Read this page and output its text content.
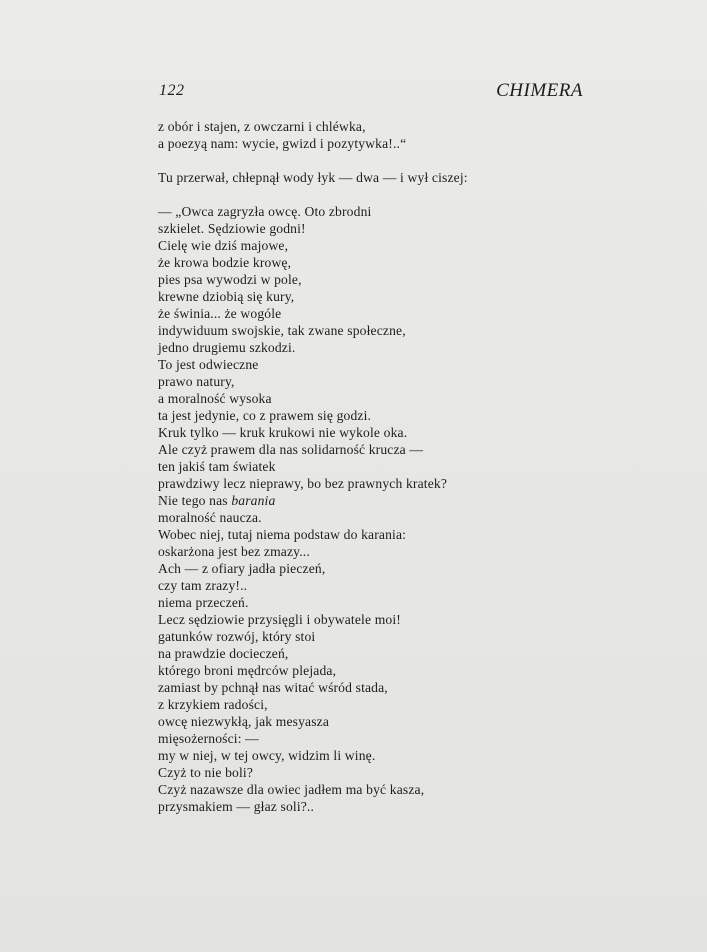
122	CHIMERA
z obór i stajen, z owczarni i chléwka,
a poezyą nam: wycie, gwizd i pozytywka!..“
Tu przerwał, chłepnął wody łyk — dwa — i wył ciszej:
— „Owca zagryzła owcę. Oto zbrodni
szkielet. Sędziowie godni!
Cielę wie dziś majowe,
że krowa bodzie krowę,
pies psa wywodzi w pole,
krewne dziobią się kury,
że świnia... że wogóle
indywiduum swojskie, tak zwane społeczne,
jedno drugiemu szkodzi.
To jest odwieczne
prawo natury,
a moralność wysoka
ta jest jedynie, co z prawem się godzi.
Kruk tylko — kruk krukowi nie wykole oka.
Ale czyż prawem dla nas solidarność krucza —
ten jakiś tam światek
prawdziwy lecz nieprawy, bo bez prawnych kratek?
Nie tego nas barania
moralność naucza.
Wobec niej, tutaj niema podstaw do karania:
oskarżona jest bez zmazy...
Ach — z ofiary jadła pieczeń,
czy tam zrazy!..
niema przeczeń.
Lecz sędziowie przysięgli i obywatele moi!
gatunków rozwój, który stoi
na prawdzie docieczeń,
którego broni mędrców plejada,
zamiast by pchnął nas witać wśród stada,
z krzykiem radości,
owcę niezwykłą, jak mesyasza
mięsożerności: —
my w niej, w tej owcy, widzim li winę.
Czyż to nie boli?
Czyż nazawsze dla owiec jadłem ma być kasza,
przysmakiem — głaz soli?..
